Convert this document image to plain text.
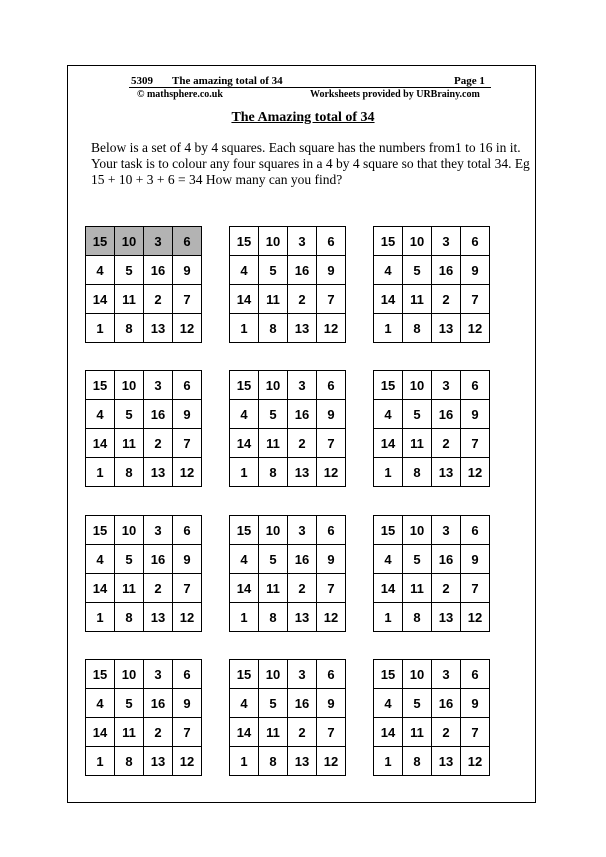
5309 The amazing total of 34	Page 1
© mathsphere.co.uk	Worksheets provided by URBrainy.com
The Amazing total of 34

Below is a set of 4 by 4 squares. Each square has the numbers from1 to 16 in it.

Your task is to colour any four squares in a 4 by 4 square so that they total 34. Eg 15 + 10 + 3 + 6 = 34 How many can you find?

15	10	3	6
4	5	16	9
14	11	2	7
1	8	13	12
15	10	3	6
4	5	16	9
14	11	2	7
1	8	13	12
15	10	3	6
4	5	16	9
14	11	2	7
1	8	13	12
15	10	3	6
4	5	16	9
14	11	2	7
1	8	13	12
15	10	3	6
4	5	16	9
14	11	2	7
1	8	13	12
15	10	3	6
4	5	16	9
14	11	2	7
1	8	13	12
15	10	3	6
4	5	16	9
14	11	2	7
1	8	13	12
15	10	3	6
4	5	16	9
14	11	2	7
1	8	13	12
15	10	3	6
4	5	16	9
14	11	2	7
1	8	13	12
15	10	3	6
4	5	16	9
14	11	2	7
1	8	13	12
15	10	3	6
4	5	16	9
14	11	2	7
1	8	13	12
15	10	3	6
4	5	16	9
14	11	2	7
1	8	13	12
